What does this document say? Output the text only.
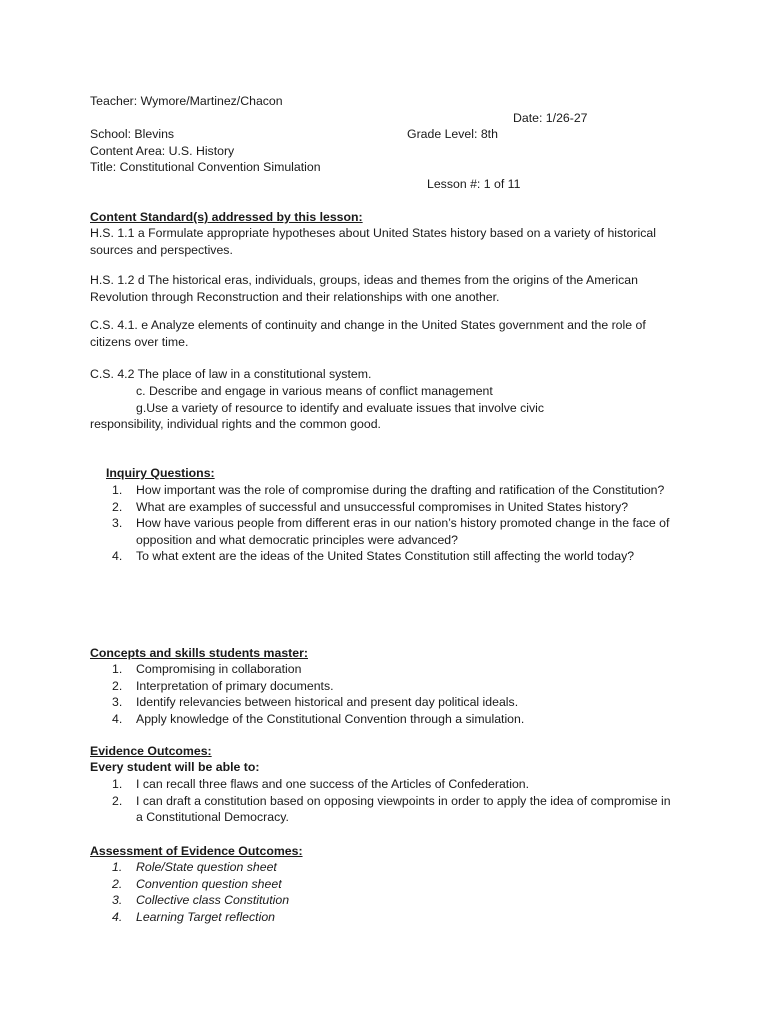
Teacher: Wymore/Martinez/Chacon
Date: 1/26-27
School: Blevins	Grade Level: 8th
Content Area: U.S. History
Title: Constitutional Convention Simulation
Lesson #: 1 of 11
Content Standard(s) addressed by this lesson:
H.S. 1.1 a Formulate appropriate hypotheses about United States history based on a variety of historical sources and perspectives.
H.S. 1.2 d The historical eras, individuals, groups, ideas and themes from the origins of the American Revolution through Reconstruction and their relationships with one another.
C.S. 4.1. e Analyze elements of continuity and change in the United States government and the role of citizens over time.
C.S. 4.2 The place of law in a constitutional system.
c. Describe and engage in various means of conflict management
g.Use a variety of resource to identify and evaluate issues that involve civic
responsibility, individual rights and the common good.
Inquiry Questions:
1. How important was the role of compromise during the drafting and ratification of the Constitution?
2. What are examples of successful and unsuccessful compromises in United States history?
3. How have various people from different eras in our nation’s history promoted change in the face of opposition and what democratic principles were advanced?
4. To what extent are the ideas of the United States Constitution still affecting the world today?
Concepts and skills students master:
1. Compromising in collaboration
2. Interpretation of primary documents.
3. Identify relevancies between historical and present day political ideals.
4. Apply knowledge of the Constitutional Convention through a simulation.
Evidence Outcomes:
Every student will be able to:
1. I can recall three flaws and one success of the Articles of Confederation.
2. I can draft a constitution based on opposing viewpoints in order to apply the idea of compromise in a Constitutional Democracy.
Assessment of Evidence Outcomes:
1. Role/State question sheet
2. Convention question sheet
3. Collective class Constitution
4. Learning Target reflection
